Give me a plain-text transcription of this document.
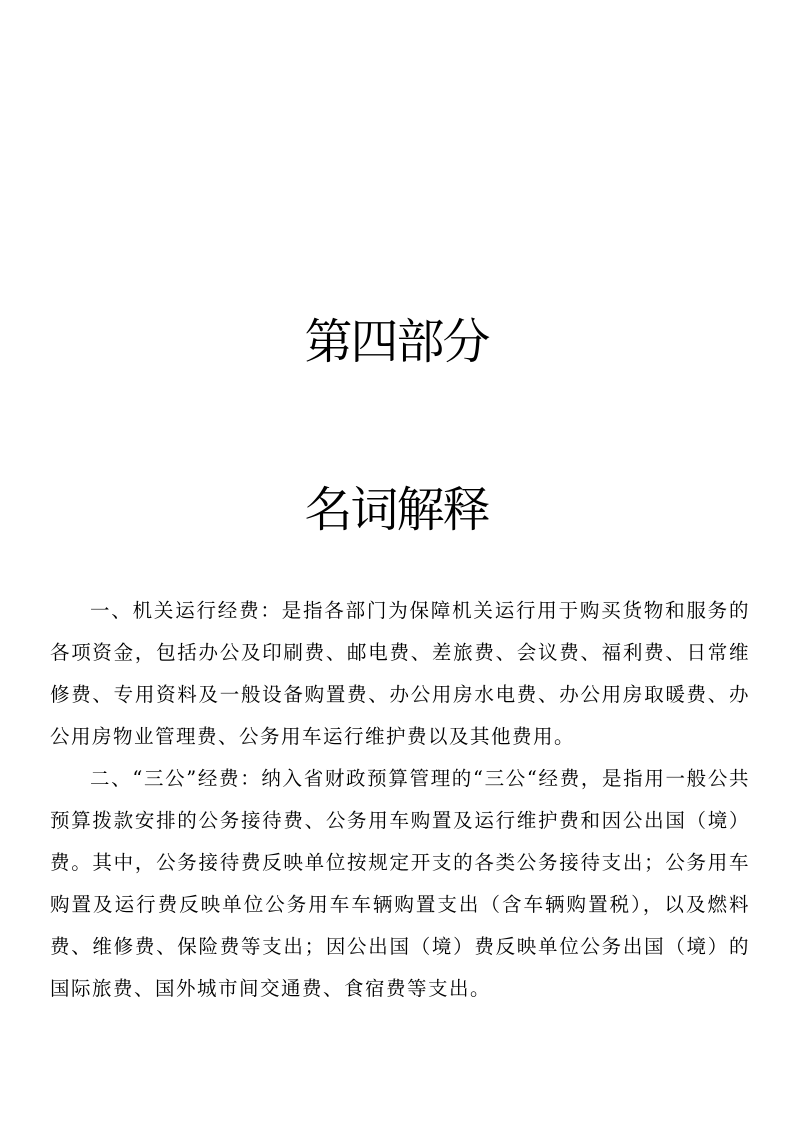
第四部分
名词解释

一、机关运行经费：是指各部门为保障机关运行用于购买货物和服务的各项资金，包括办公及印刷费、邮电费、差旅费、会议费、福利费、日常维修费、专用资料及一般设备购置费、办公用房水电费、办公用房取暖费、办公用房物业管理费、公务用车运行维护费以及其他费用。

二、“三公”经费：纳入省财政预算管理的“三公“经费，是指用一般公共预算拨款安排的公务接待费、公务用车购置及运行维护费和因公出国（境）费。其中，公务接待费反映单位按规定开支的各类公务接待支出；公务用车购置及运行费反映单位公务用车车辆购置支出（含车辆购置税），以及燃料费、维修费、保险费等支出；因公出国（境）费反映单位公务出国（境）的国际旅费、国外城市间交通费、食宿费等支出。
